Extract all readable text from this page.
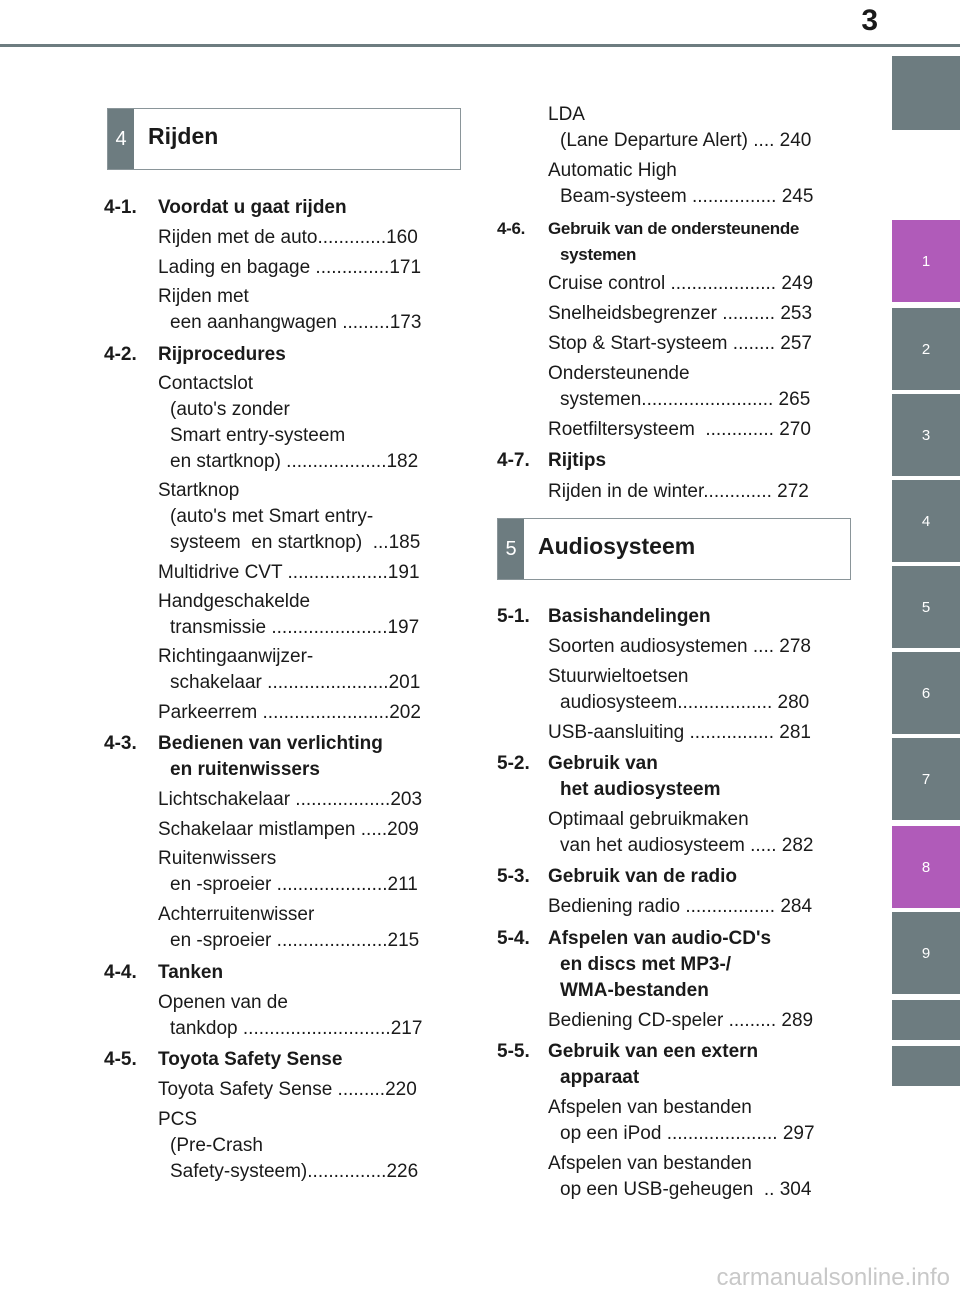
3
1
2
3
4
5
6
7
8
9
4 Rijden
5 Audiosysteem
4-1. Voordat u gaat rijden
Rijden met de auto.............160
Lading en bagage ..............171
Rijden met
een aanhangwagen .........173
4-2. Rijprocedures
Contactslot
(auto's zonder
Smart entry-systeem
en startknop) ...................182
Startknop
(auto's met Smart entry-
systeem  en startknop)  ...185
Multidrive CVT ...................191
Handgeschakelde
transmissie ......................197
Richtingaanwijzer-
schakelaar .......................201
Parkeerrem ........................202
4-3. Bedienen van verlichting
en ruitenwissers
Lichtschakelaar ..................203
Schakelaar mistlampen .....209
Ruitenwissers
en -sproeier .....................211
Achterruitenwisser
en -sproeier .....................215
4-4. Tanken
Openen van de
tankdop ............................217
4-5. Toyota Safety Sense
Toyota Safety Sense .........220
PCS
(Pre-Crash
Safety-systeem)...............226
LDA
(Lane Departure Alert) .... 240
Automatic High
Beam-systeem ................ 245
4-6. Gebruik van de ondersteunende
systemen
Cruise control .................... 249
Snelheidsbegrenzer .......... 253
Stop & Start-systeem ........ 257
Ondersteunende
systemen......................... 265
Roetfiltersysteem  ............. 270
4-7. Rijtips
Rijden in de winter............. 272
5-1. Basishandelingen
Soorten audiosystemen .... 278
Stuurwieltoetsen
audiosysteem.................. 280
USB-aansluiting ................ 281
5-2. Gebruik van
het audiosysteem
Optimaal gebruikmaken
van het audiosysteem ..... 282
5-3. Gebruik van de radio
Bediening radio ................. 284
5-4. Afspelen van audio-CD's
en discs met MP3-/
WMA-bestanden
Bediening CD-speler ......... 289
5-5. Gebruik van een extern
apparaat
Afspelen van bestanden
op een iPod ..................... 297
Afspelen van bestanden
op een USB-geheugen  .. 304
carmanualsonline.info
